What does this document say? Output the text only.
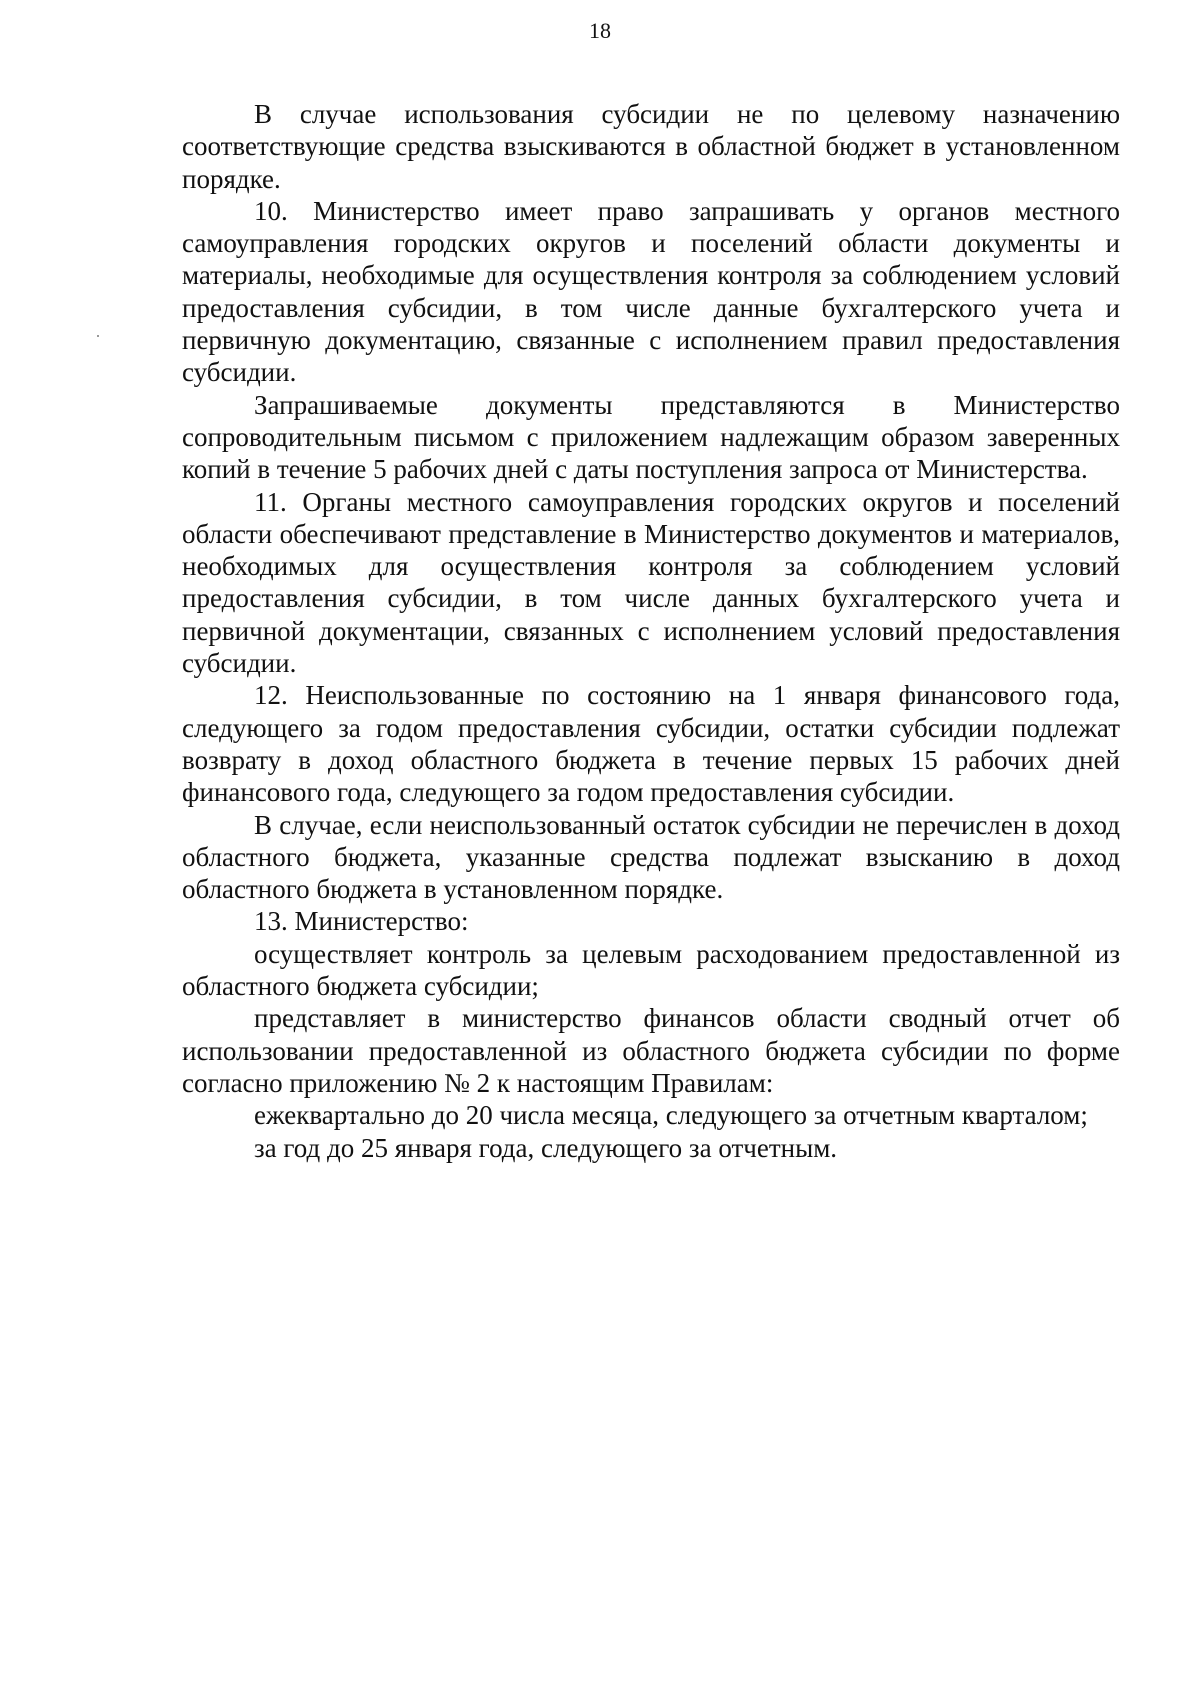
18

В случае использования субсидии не по целевому назначению соответствующие средства взыскиваются в областной бюджет в установленном порядке.

10. Министерство имеет право запрашивать у органов местного самоуправления городских округов и поселений области документы и материалы, необходимые для осуществления контроля за соблюдением условий предоставления субсидии, в том числе данные бухгалтерского учета и первичную документацию, связанные с исполнением правил предоставления субсидии.

Запрашиваемые документы представляются в Министерство сопроводительным письмом с приложением надлежащим образом заверенных копий в течение 5 рабочих дней с даты поступления запроса от Министерства.

11. Органы местного самоуправления городских округов и поселений области обеспечивают представление в Министерство документов и материалов, необходимых для осуществления контроля за соблюдением условий предоставления субсидии, в том числе данных бухгалтерского учета и первичной документации, связанных с исполнением условий предоставления субсидии.

12. Неиспользованные по состоянию на 1 января финансового года, следующего за годом предоставления субсидии, остатки субсидии подлежат возврату в доход областного бюджета в течение первых 15 рабочих дней финансового года, следующего за годом предоставления субсидии.

В случае, если неиспользованный остаток субсидии не перечислен в доход областного бюджета, указанные средства подлежат взысканию в доход областного бюджета в установленном порядке.

13. Министерство:

осуществляет контроль за целевым расходованием предоставленной из областного бюджета субсидии;

представляет в министерство финансов области сводный отчет об использовании предоставленной из областного бюджета субсидии по форме согласно приложению № 2 к настоящим Правилам:

ежеквартально до 20 числа месяца, следующего за отчетным кварталом;

за год до 25 января года, следующего за отчетным.
